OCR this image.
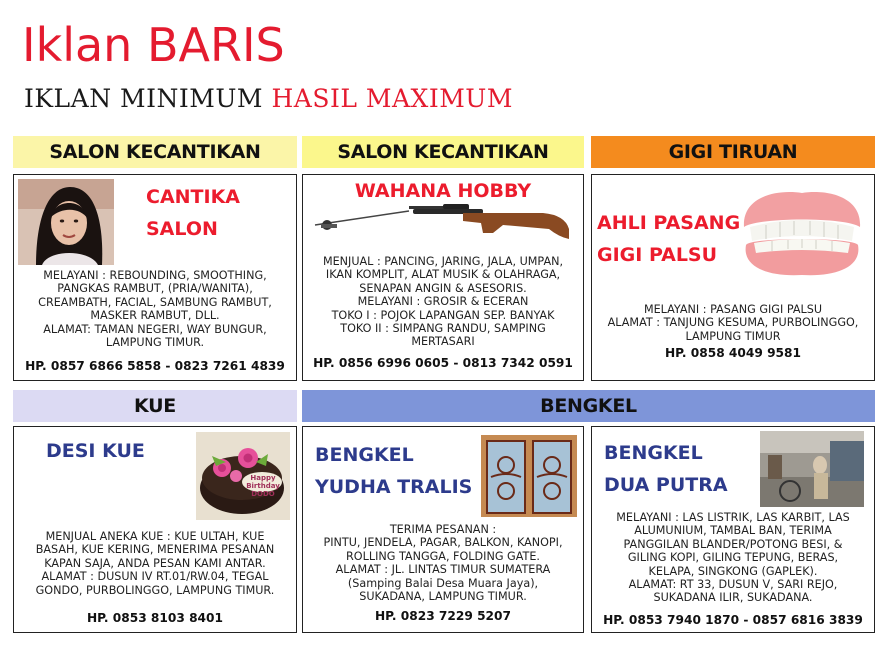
Iklan BARIS
IKLAN MINIMUM HASIL MAXIMUM
SALON KECANTIKAN	SALON KECANTIKAN	GIGI TIRUAN
CANTIKA
SALON
MELAYANI : REBOUNDING, SMOOTHING,
PANGKAS RAMBUT, (PRIA/WANITA),
CREAMBATH, FACIAL, SAMBUNG RAMBUT,
MASKER RAMBUT, DLL.
ALAMAT: TAMAN NEGERI, WAY BUNGUR,
LAMPUNG TIMUR.
HP. 0857 6866 5858 - 0823 7261 4839
WAHANA HOBBY
MENJUAL : PANCING, JARING, JALA, UMPAN,
IKAN KOMPLIT, ALAT MUSIK & OLAHRAGA,
SENAPAN ANGIN & ASESORIS.
MELAYANI : GROSIR & ECERAN
TOKO I : POJOK LAPANGAN SEP. BANYAK
TOKO II : SIMPANG RANDU, SAMPING
MERTASARI
HP. 0856 6996 0605 - 0813 7342 0591
AHLI PASANG
GIGI PALSU
MELAYANI : PASANG GIGI PALSU
ALAMAT : TANJUNG KESUMA, PURBOLINGGO,
LAMPUNG TIMUR
HP. 0858 4049 9581
KUE	BENGKEL
DESI KUE
Happy Birthday DODO
MENJUAL ANEKA KUE : KUE ULTAH, KUE
BASAH, KUE KERING, MENERIMA PESANAN
KAPAN SAJA, ANDA PESAN KAMI ANTAR.
ALAMAT : DUSUN IV RT.01/RW.04, TEGAL
GONDO, PURBOLINGGO, LAMPUNG TIMUR.
HP. 0853 8103 8401
BENGKEL
YUDHA TRALIS
TERIMA PESANAN :
PINTU, JENDELA, PAGAR, BALKON, KANOPI,
ROLLING TANGGA, FOLDING GATE.
ALAMAT : JL. LINTAS TIMUR SUMATERA
(Samping Balai Desa Muara Jaya),
SUKADANA, LAMPUNG TIMUR.
HP. 0823 7229 5207
BENGKEL
DUA PUTRA
MELAYANI : LAS LISTRIK, LAS KARBIT, LAS
ALUMUNIUM, TAMBAL BAN, TERIMA
PANGGILAN BLANDER/POTONG BESI, &
GILING KOPI, GILING TEPUNG, BERAS,
KELAPA, SINGKONG (GAPLEK).
ALAMAT: RT 33, DUSUN V, SARI REJO,
SUKADANA ILIR, SUKADANA.
HP. 0853 7940 1870 - 0857 6816 3839
